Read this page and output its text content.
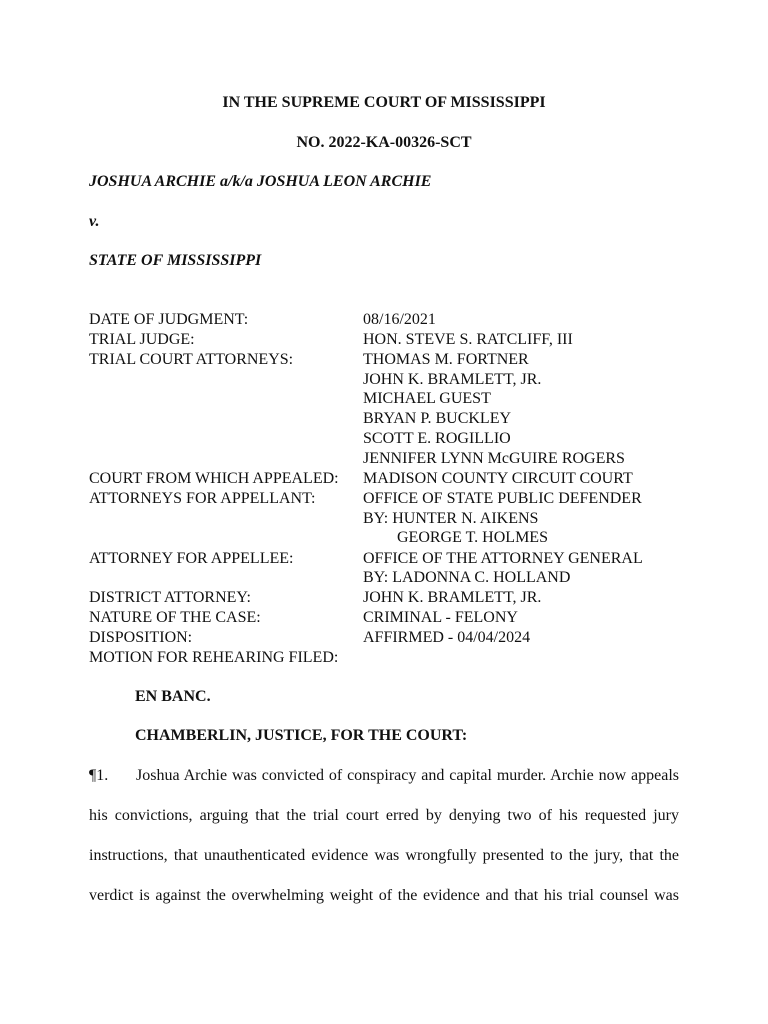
IN THE SUPREME COURT OF MISSISSIPPI
NO. 2022-KA-00326-SCT
JOSHUA ARCHIE a/k/a JOSHUA LEON ARCHIE
v.
STATE OF MISSISSIPPI
DATE OF JUDGMENT:	08/16/2021
TRIAL JUDGE:	HON. STEVE S. RATCLIFF, III
TRIAL COURT ATTORNEYS:	THOMAS M. FORTNER
JOHN K. BRAMLETT, JR.
MICHAEL GUEST
BRYAN P. BUCKLEY
SCOTT E. ROGILLIO
JENNIFER LYNN McGUIRE ROGERS
COURT FROM WHICH APPEALED: MADISON COUNTY CIRCUIT COURT
ATTORNEYS FOR APPELLANT:	OFFICE OF STATE PUBLIC DEFENDER
BY: HUNTER N. AIKENS
GEORGE T. HOLMES
ATTORNEY FOR APPELLEE:	OFFICE OF THE ATTORNEY GENERAL
BY: LADONNA C. HOLLAND
DISTRICT ATTORNEY:	JOHN K. BRAMLETT, JR.
NATURE OF THE CASE:	CRIMINAL - FELONY
DISPOSITION:	AFFIRMED - 04/04/2024
MOTION FOR REHEARING FILED:
EN BANC.
CHAMBERLIN, JUSTICE, FOR THE COURT:
¶1. Joshua Archie was convicted of conspiracy and capital murder. Archie now appeals
his convictions, arguing that the trial court erred by denying two of his requested jury
instructions, that unauthenticated evidence was wrongfully presented to the jury, that the
verdict is against the overwhelming weight of the evidence and that his trial counsel was
